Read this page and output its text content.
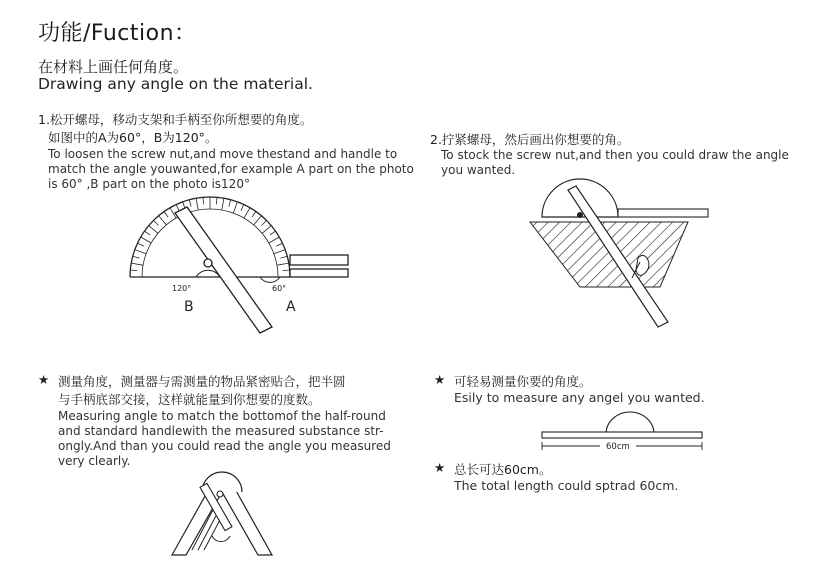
功能/Fuction：
在材料上画任何角度。
Drawing any angle on the material.
1.松开螺母，移动支架和手柄至你所想要的角度。
如图中的A为60°，B为120°。
To loosen the screw nut,and move thestand and handle to
match the angle youwanted,for example A part on the photo
is 60° ,B part on the photo is120°
2.拧紧螺母，然后画出你想要的角。
To stock the screw nut,and then you could draw the angle
you wanted.
120°	60°
B	A
★ 测量角度，测量器与需测量的物品紧密贴合，把半圆
与手柄底部交接，这样就能量到你想要的度数。
Measuring angle to match the bottomof the half-round
and standard handlewith the measured substance str-
ongly.And than you could read the angle you measured
very clearly.
★ 可轻易测量你要的角度。
Esily to measure any angel you wanted.
60cm
★ 总长可达60cm。
The total length could sptrad 60cm.
